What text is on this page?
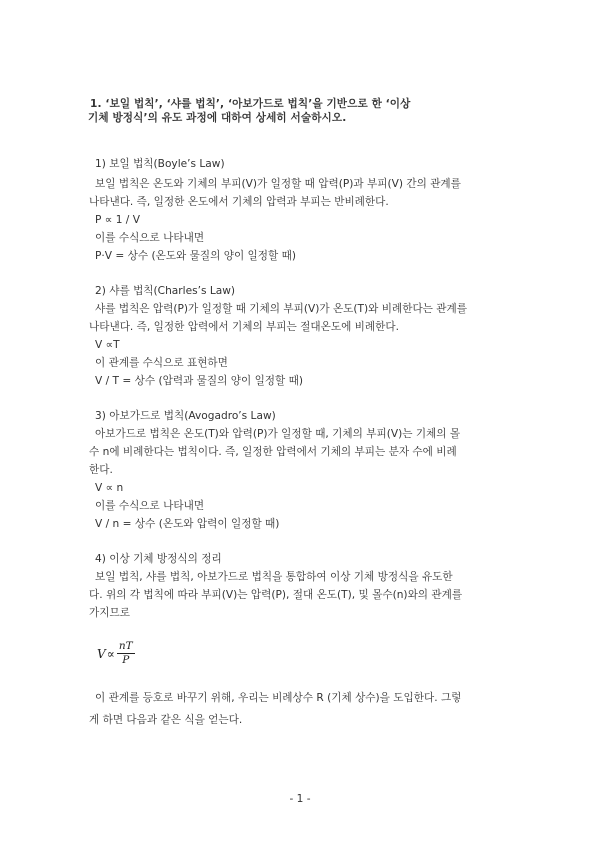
1. ‘보일 법칙’, ‘샤를 법칙’, ‘아보가드로 법칙’을 기반으로 한 ‘이상
기체 방정식’의 유도 과정에 대하여 상세히 서술하시오.
1) 보일 법칙(Boyle’s Law)
보일 법칙은 온도와 기체의 부피(V)가 일정할 때 압력(P)과 부피(V) 간의 관계를
나타낸다. 즉, 일정한 온도에서 기체의 압력과 부피는 반비례한다.
P ∝ 1 / V
이를 수식으로 나타내면
P·V = 상수 (온도와 물질의 양이 일정할 때)
2) 샤를 법칙(Charles’s Law)
샤를 법칙은 압력(P)가 일정할 때 기체의 부피(V)가 온도(T)와 비례한다는 관계를
나타낸다. 즉, 일정한 압력에서 기체의 부피는 절대온도에 비례한다.
V ∝T
이 관계를 수식으로 표현하면
V / T = 상수 (압력과 물질의 양이 일정할 때)
3) 아보가드로 법칙(Avogadro’s Law)
아보가드로 법칙은 온도(T)와 압력(P)가 일정할 때, 기체의 부피(V)는 기체의 몰
수 n에 비례한다는 법칙이다. 즉, 일정한 압력에서 기체의 부피는 분자 수에 비례
한다.
V ∝ n
이를 수식으로 나타내면
V / n = 상수 (온도와 압력이 일정할 때)
4) 이상 기체 방정식의 정리
보일 법칙, 샤를 법칙, 아보가드로 법칙을 통합하여 이상 기체 방정식을 유도한
다. 위의 각 법칙에 따라 부피(V)는 압력(P), 절대 온도(T), 및 몰수(n)와의 관계를
가지므로
$V \propto \frac{nT}{P}$
이 관계를 등호로 바꾸기 위해, 우리는 비례상수 R (기체 상수)을 도입한다. 그렇
게 하면 다음과 같은 식을 얻는다.
- 1 -
